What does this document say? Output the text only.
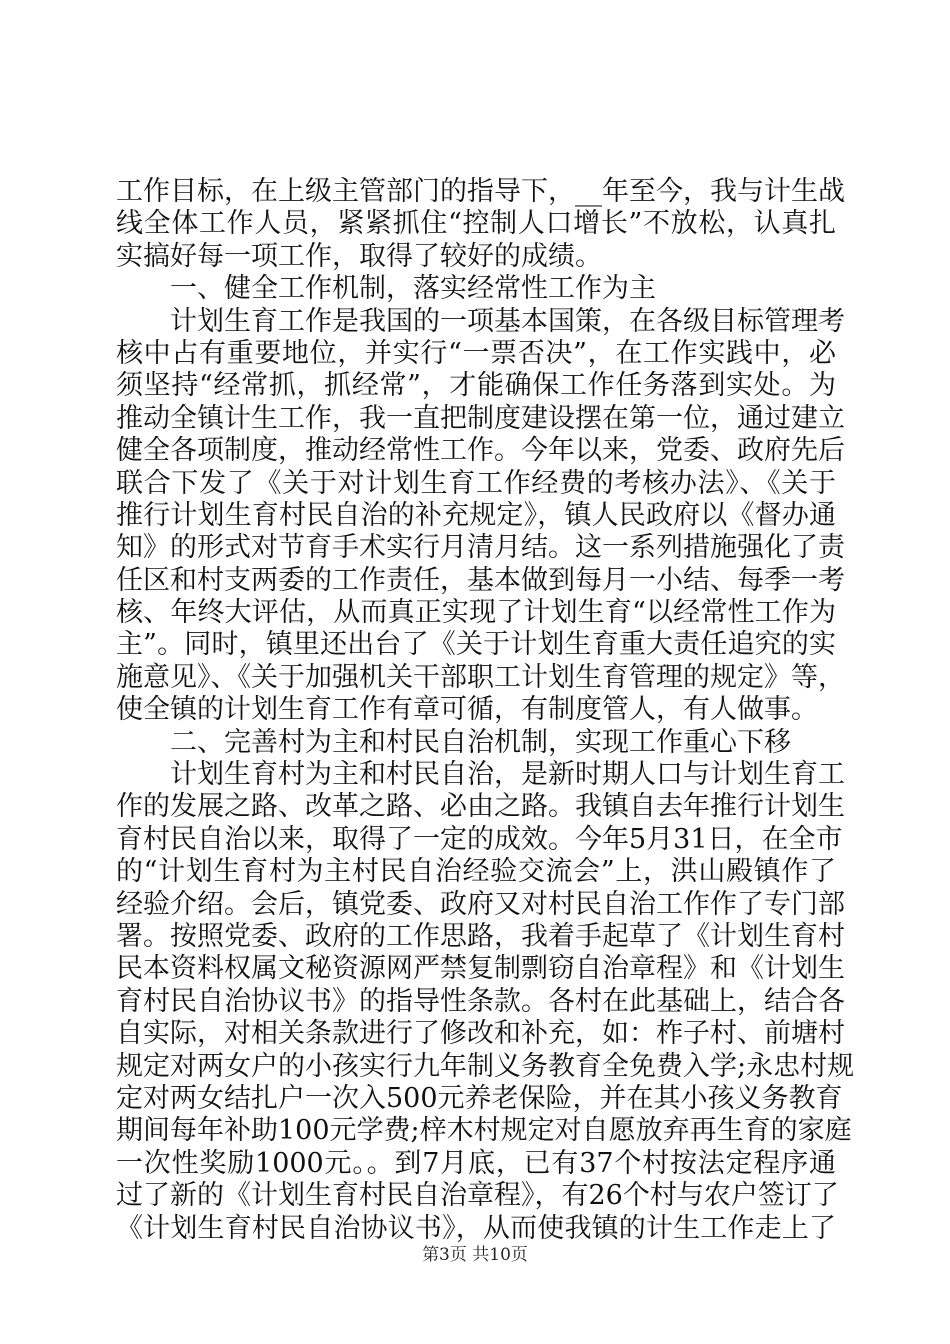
工作目标，在上级主管部门的指导下，__年至今，我与计生战
线全体工作人员，紧紧抓住“控制人口增长”不放松，认真扎
实搞好每一项工作，取得了较好的成绩。
一、健全工作机制，落实经常性工作为主
计划生育工作是我国的一项基本国策，在各级目标管理考
核中占有重要地位，并实行“一票否决”，在工作实践中，必
须坚持“经常抓，抓经常”，才能确保工作任务落到实处。为
推动全镇计生工作，我一直把制度建设摆在第一位，通过建立
健全各项制度，推动经常性工作。今年以来，党委、政府先后
联合下发了《关于对计划生育工作经费的考核办法》、《关于
推行计划生育村民自治的补充规定》，镇人民政府以《督办通
知》的形式对节育手术实行月清月结。这一系列措施强化了责
任区和村支两委的工作责任，基本做到每月一小结、每季一考
核、年终大评估，从而真正实现了计划生育“以经常性工作为
主”。同时，镇里还出台了《关于计划生育重大责任追究的实
施意见》、《关于加强机关干部职工计划生育管理的规定》等，
使全镇的计划生育工作有章可循，有制度管人，有人做事。
二、完善村为主和村民自治机制，实现工作重心下移
计划生育村为主和村民自治，是新时期人口与计划生育工
作的发展之路、改革之路、必由之路。我镇自去年推行计划生
育村民自治以来，取得了一定的成效。今年5月31日，在全市
的“计划生育村为主村民自治经验交流会”上，洪山殿镇作了
经验介绍。会后，镇党委、政府又对村民自治工作作了专门部
署。按照党委、政府的工作思路，我着手起草了《计划生育村
民本资料权属文秘资源网严禁复制剽窃自治章程》和《计划生
育村民自治协议书》的指导性条款。各村在此基础上，结合各
自实际，对相关条款进行了修改和补充，如：柞子村、前塘村
规定对两女户的小孩实行九年制义务教育全免费入学;永忠村规
定对两女结扎户一次入500元养老保险，并在其小孩义务教育
期间每年补助100元学费;梓木村规定对自愿放弃再生育的家庭
一次性奖励1000元。。到7月底，已有37个村按法定程序通
过了新的《计划生育村民自治章程》，有26个村与农户签订了
《计划生育村民自治协议书》，从而使我镇的计生工作走上了
第3页 共10页
